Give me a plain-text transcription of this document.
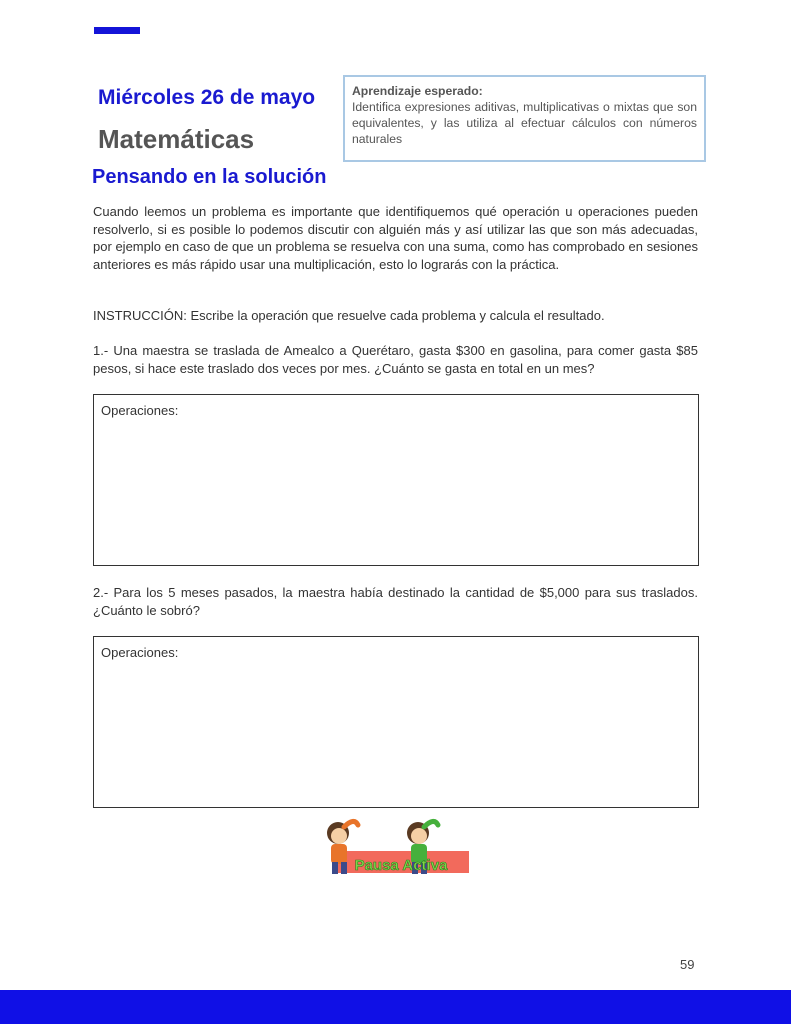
Miércoles 26 de mayo
Matemáticas
Aprendizaje esperado:
Identifica expresiones aditivas, multiplicativas o mixtas que son equivalentes, y las utiliza al efectuar cálculos con números naturales
Pensando en la solución
Cuando leemos un problema es importante que identifiquemos qué operación u operaciones pueden resolverlo, si es posible lo podemos discutir con alguién más y así utilizar las que son más adecuadas, por ejemplo en caso de que un problema se resuelva con una suma, como has comprobado en sesiones anteriores es más rápido usar una multiplicación, esto lo lograrás con la práctica.
INSTRUCCIÓN: Escribe la operación que resuelve cada problema y calcula el resultado.
1.- Una maestra se traslada de Amealco a Querétaro, gasta $300 en gasolina, para comer gasta $85 pesos, si hace este traslado dos veces por mes. ¿Cuánto se gasta en total en un mes?
Operaciones:
2.- Para los 5 meses pasados, la maestra había destinado la cantidad de $5,000 para sus traslados. ¿Cuánto le sobró?
Operaciones:
Pausa Activa
59
